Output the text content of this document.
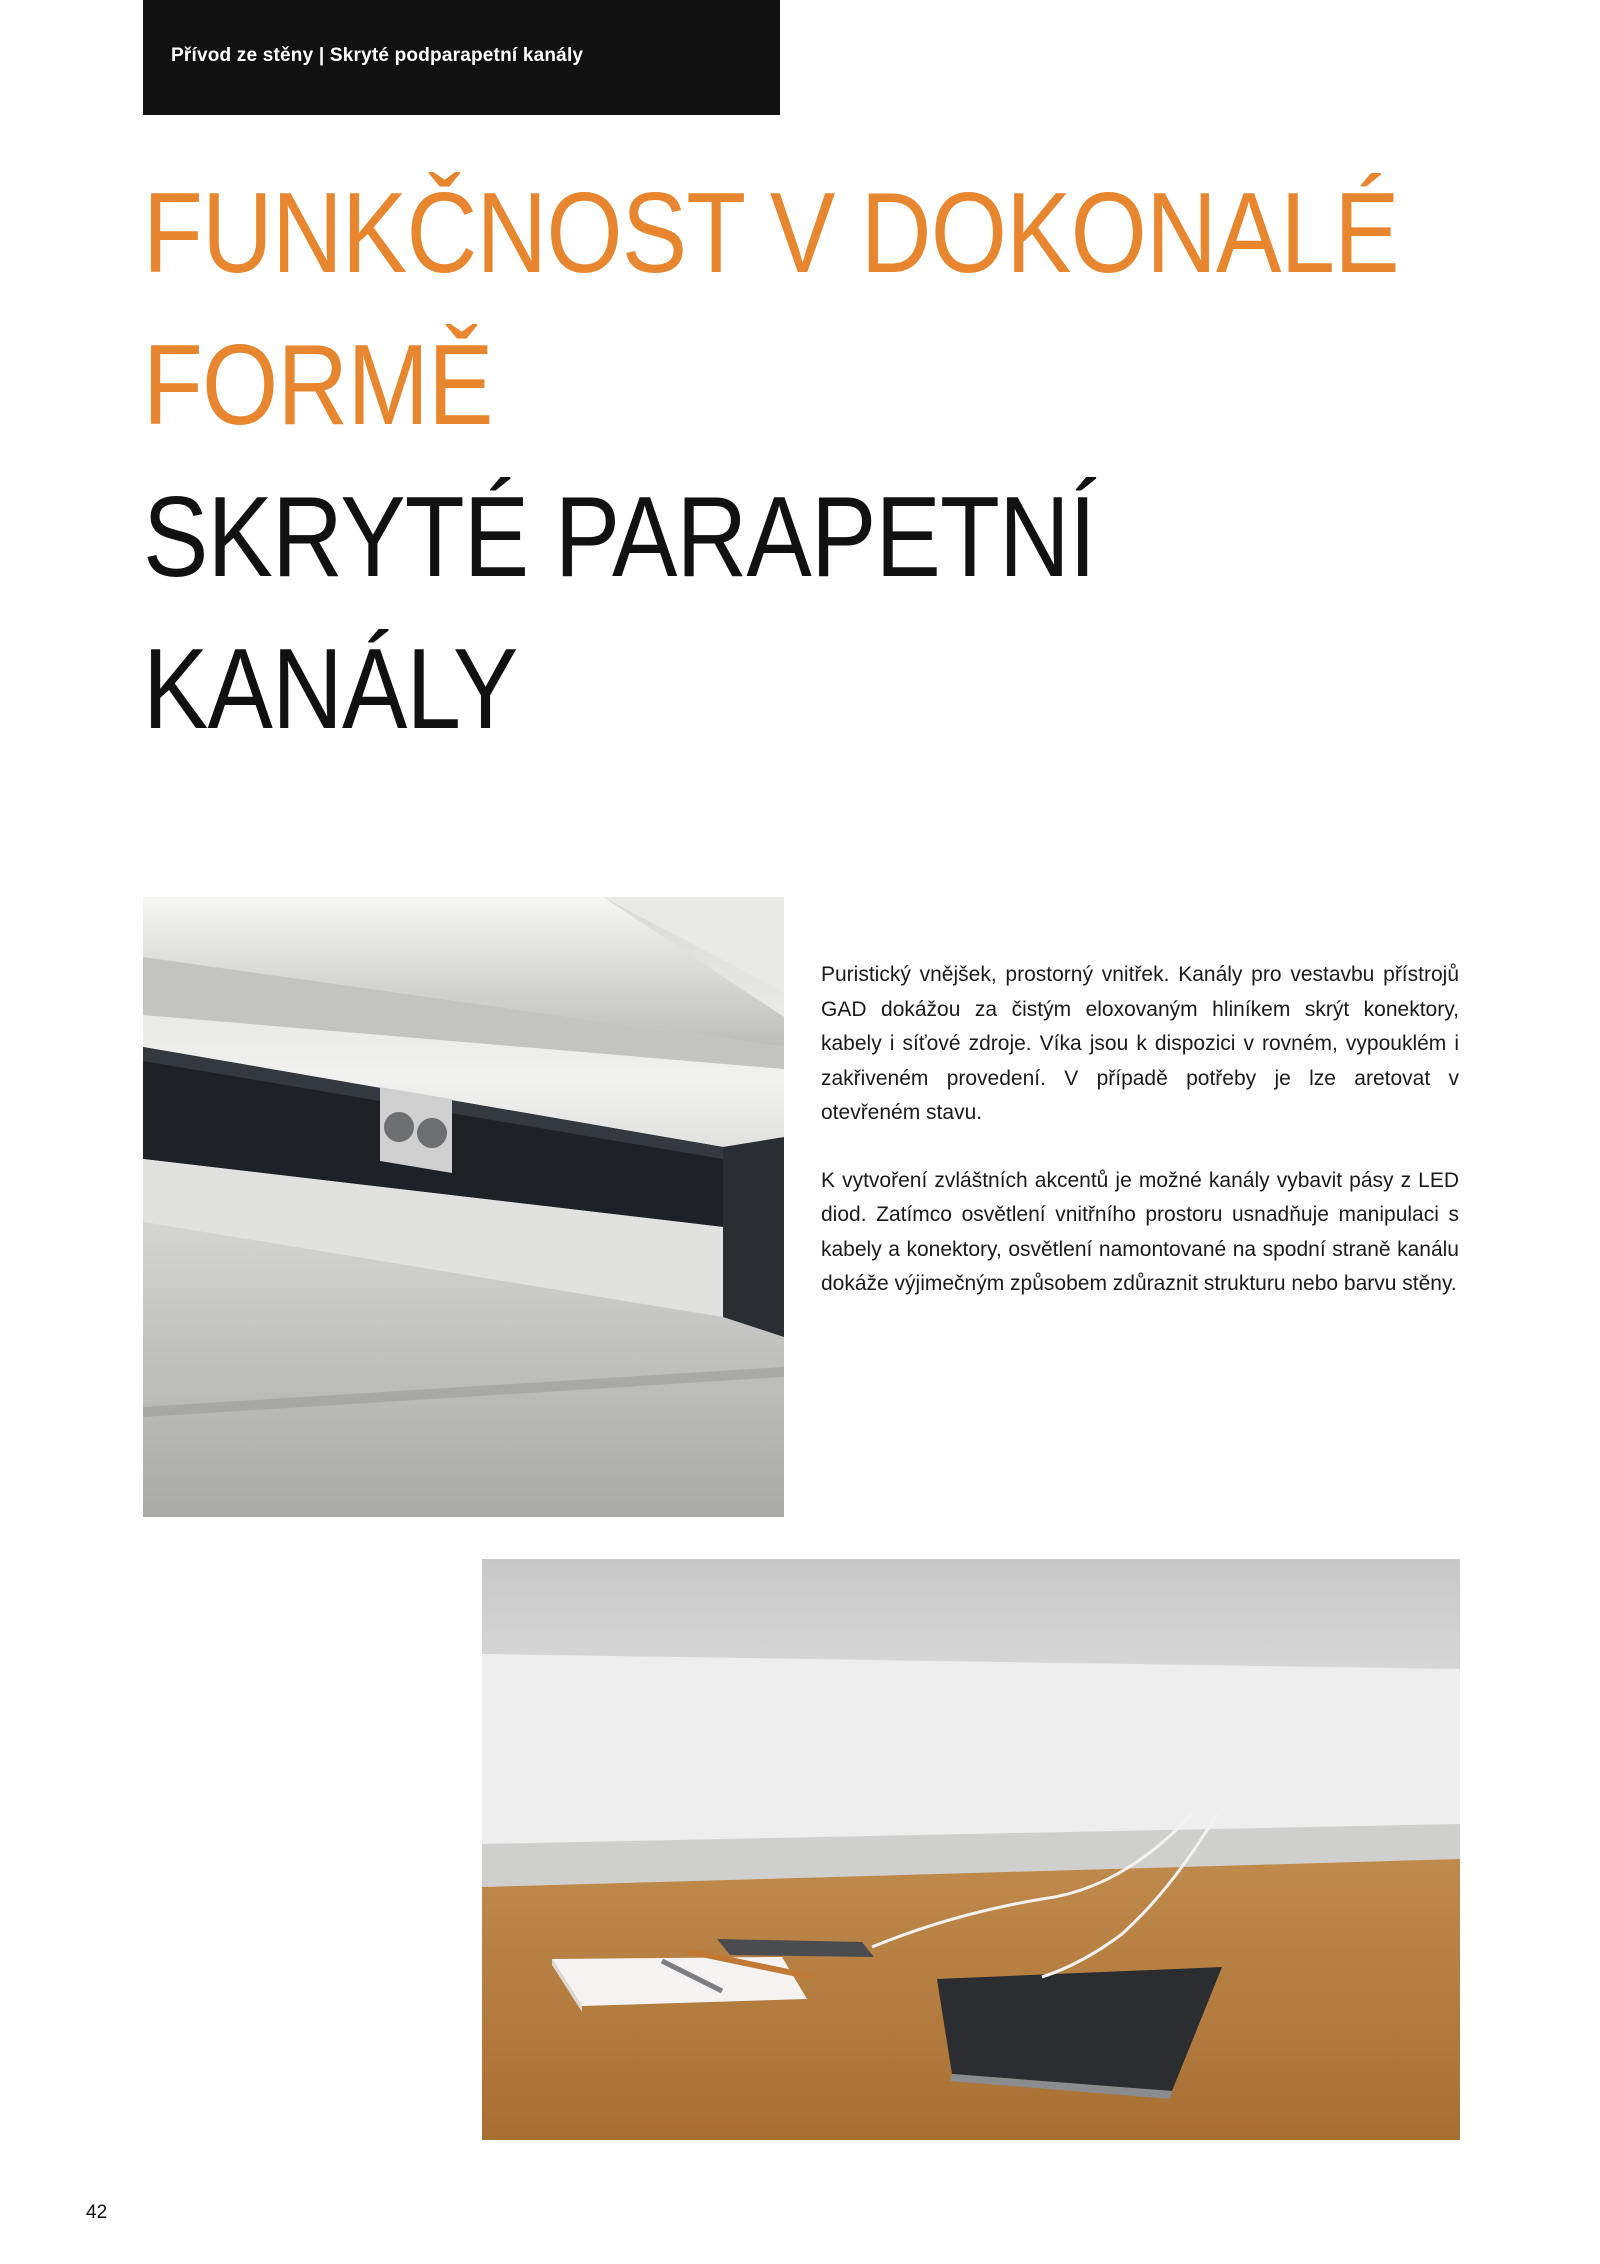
Přívod ze stěny | Skryté podparapetní kanály
FUNKČNOST V DOKONALÉ
FORMĚ
SKRYTÉ PARAPETNÍ
KANÁLY

Puristický vnějšek, prostorný vnitřek. Kanály pro vestavbu přístrojů GAD dokážou za čistým eloxovaným hliníkem skrýt konektory, kabely i síťové zdroje. Víka jsou k dispozici v rovném, vypouklém i zakřiveném provedení. V případě potřeby je lze aretovat v otevřeném stavu.

K vytvoření zvláštních akcentů je možné kanály vybavit pásy z LED diod. Zatímco osvětlení vnitřního prostoru usnadňuje manipulaci s kabely a konektory, osvětlení namontované na spodní straně kanálu dokáže výjimečným způsobem zdůraznit strukturu nebo barvu stěny.

42
